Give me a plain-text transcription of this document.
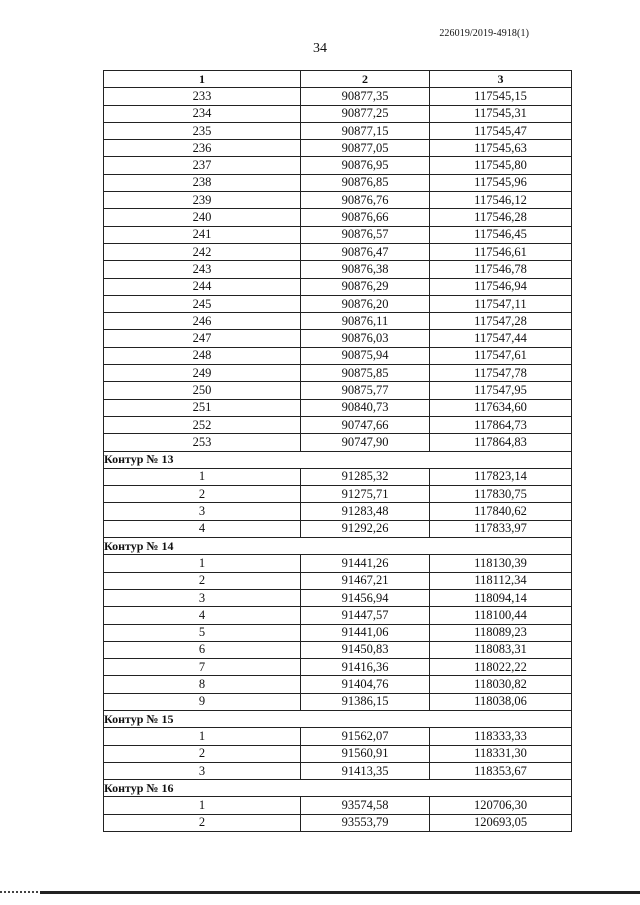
226019/2019-4918(1)
34
1	2	3
233	90877,35	117545,15
234	90877,25	117545,31
235	90877,15	117545,47
236	90877,05	117545,63
237	90876,95	117545,80
238	90876,85	117545,96
239	90876,76	117546,12
240	90876,66	117546,28
241	90876,57	117546,45
242	90876,47	117546,61
243	90876,38	117546,78
244	90876,29	117546,94
245	90876,20	117547,11
246	90876,11	117547,28
247	90876,03	117547,44
248	90875,94	117547,61
249	90875,85	117547,78
250	90875,77	117547,95
251	90840,73	117634,60
252	90747,66	117864,73
253	90747,90	117864,83
Контур № 13		
1	91285,32	117823,14
2	91275,71	117830,75
3	91283,48	117840,62
4	91292,26	117833,97
Контур № 14		
1	91441,26	118130,39
2	91467,21	118112,34
3	91456,94	118094,14
4	91447,57	118100,44
5	91441,06	118089,23
6	91450,83	118083,31
7	91416,36	118022,22
8	91404,76	118030,82
9	91386,15	118038,06
Контур № 15		
1	91562,07	118333,33
2	91560,91	118331,30
3	91413,35	118353,67
Контур № 16		
1	93574,58	120706,30
2	93553,79	120693,05
